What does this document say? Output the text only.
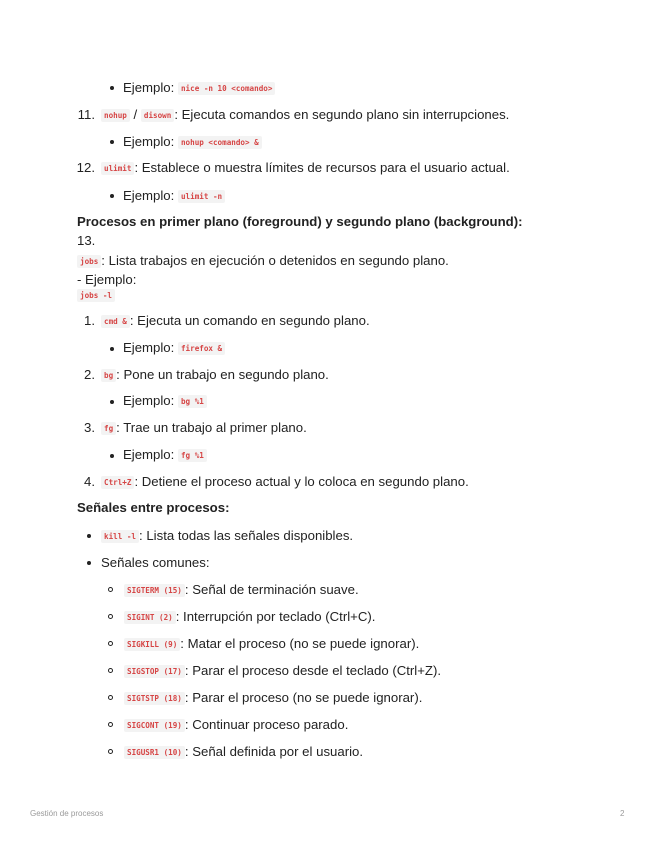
Ejemplo: nice -n 10 <comando>
11.	nohup / disown : Ejecuta comandos en segundo plano sin interrupciones.
Ejemplo: nohup <comando> &
12.	ulimit : Establece o muestra límites de recursos para el usuario actual.
Ejemplo: ulimit -n
Procesos en primer plano (foreground) y segundo plano (background):
13.
jobs : Lista trabajos en ejecución o detenidos en segundo plano.
- Ejemplo:
jobs -l
1.	cmd & : Ejecuta un comando en segundo plano.
Ejemplo: firefox &
2.	bg : Pone un trabajo en segundo plano.
Ejemplo: bg %1
3.	fg : Trae un trabajo al primer plano.
Ejemplo: fg %1
4.	Ctrl+Z : Detiene el proceso actual y lo coloca en segundo plano.
Señales entre procesos:
kill -l : Lista todas las señales disponibles.
Señales comunes:
SIGTERM (15) : Señal de terminación suave.
SIGINT (2) : Interrupción por teclado (Ctrl+C).
SIGKILL (9) : Matar el proceso (no se puede ignorar).
SIGSTOP (17) : Parar el proceso desde el teclado (Ctrl+Z).
SIGTSTP (18) : Parar el proceso (no se puede ignorar).
SIGCONT (19) : Continuar proceso parado.
SIGUSR1 (10) : Señal definida por el usuario.
Gestión de procesos	2
